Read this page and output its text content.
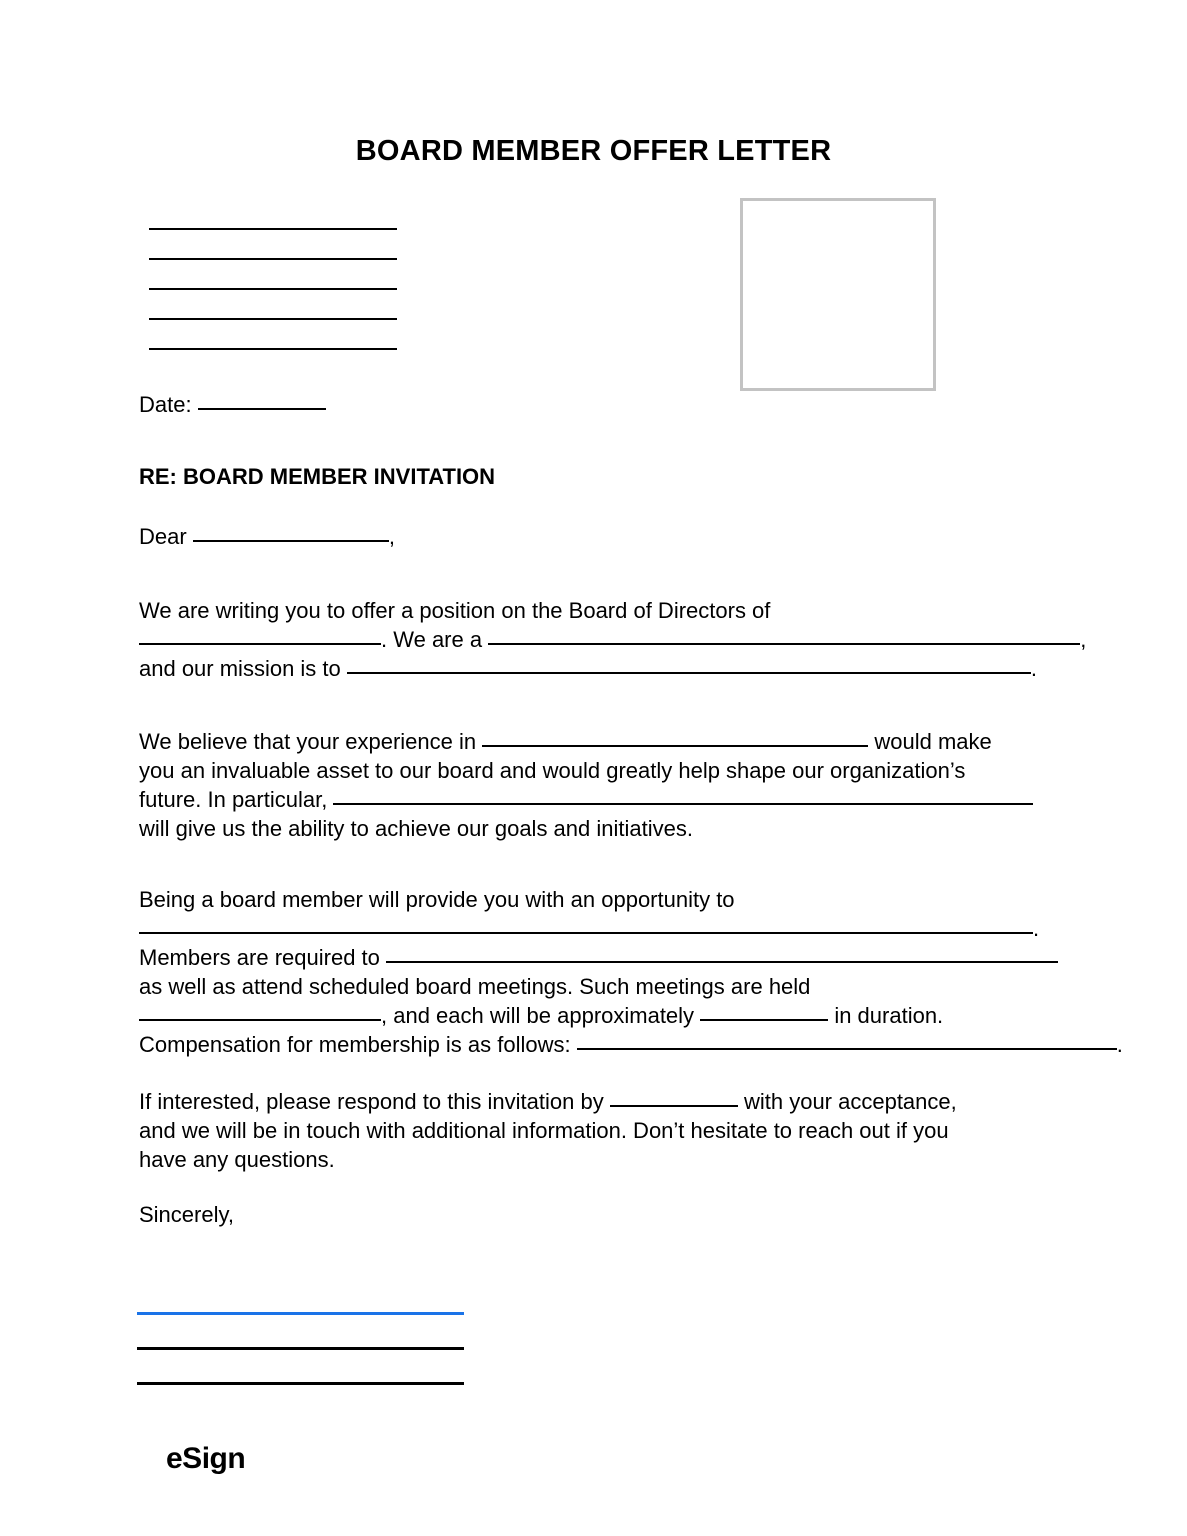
BOARD MEMBER OFFER LETTER
Date:
RE: BOARD MEMBER INVITATION
Dear	,
We are writing you to offer a position on the Board of Directors of
. We are a	,
and our mission is to	.
We believe that your experience in	would make
you an invaluable asset to our board and would greatly help shape our organization’s
future. In particular,
will give us the ability to achieve our goals and initiatives.
Being a board member will provide you with an opportunity to
.
Members are required to
as well as attend scheduled board meetings. Such meetings are held
, and each will be approximately	in duration.
Compensation for membership is as follows:	.
If interested, please respond to this invitation by	with your acceptance,
and we will be in touch with additional information. Don’t hesitate to reach out if you
have any questions.
Sincerely,
eSign
